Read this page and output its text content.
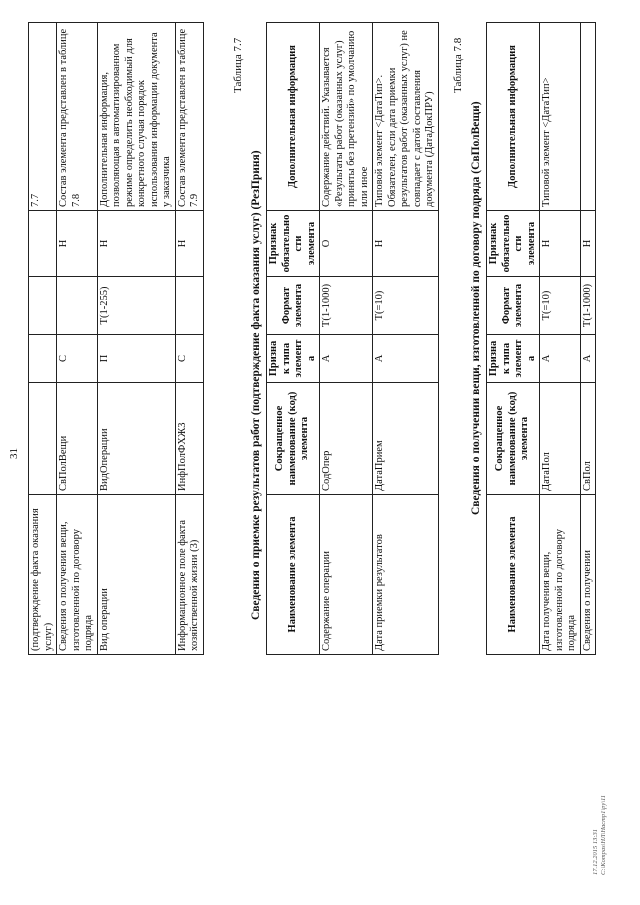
31
(подтверждение факта оказания услуг)					7.7
Сведения о получении вещи, изготовленной по договору подряда	СвПолВещи	С		Н	Состав элемента представлен в таблице 7.8
Вид операции	ВидОперации	П	T(1-255)	Н	Дополнительная информация, позволяющая в автоматизированном режиме определить необходимый для конкретного случая порядок использования информации документа у заказчика
Информационное поле факта хозяйственной жизни (3)	ИнфПолФХЖ3	С		Н	Состав элемента представлен в таблице 7.9
Таблица 7.7
Сведения о приемке результатов работ (подтверждение факта оказания услуг) (РезПриня) Наименование элемента	Сокращенное наименование (код) элемента	Признак типа элемента	Формат элемента	Признак обязательности элемента	Дополнительная информация
Содержание операции	СодОпер	А	T(1-1000)	О	Содержание действий. Указывается «Результаты работ (оказанных услуг) приняты без претензий» по умолчанию или иное
Дата приемки результатов	ДатаПрием	А	T(=10)	Н	Типовой элемент <ДатаТип>. Обязателен, если дата приемки результатов работ (оказанных услуг) не совпадает с датой составления документа (ДатаДокПРУ)
Таблица 7.8
Сведения о получении вещи, изготовленной по договору подряда (СвПолВещи)
Наименование элемента	Сокращенное наименование (код) элемента	Признак типа элемента	Формат элемента	Признак обязательности элемента	Дополнительная информация
Дата получения вещи, изготовленной по договору подряда	ДатаПол	А	T(=10)	Н	Типовой элемент <ДатаТип>
Сведения о получении	СвПол	А	T(1-1000)	Н	
17.12.2015 13:31 С:\Kompas\HЛ\Настр1\ру\11
